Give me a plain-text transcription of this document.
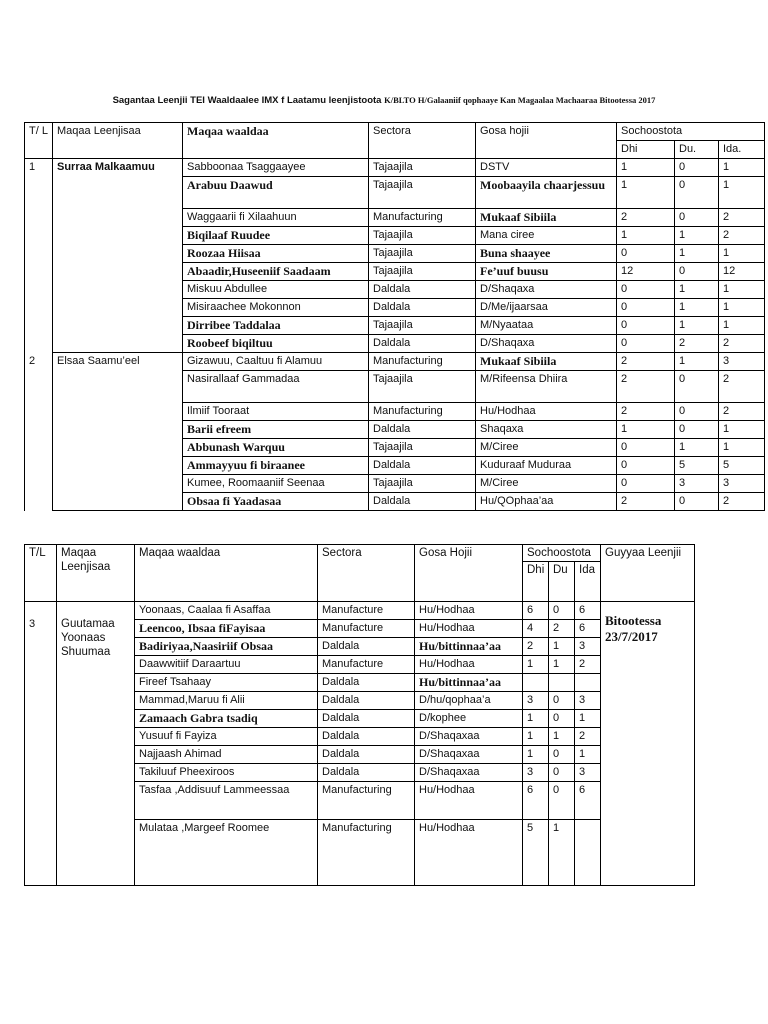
Sagantaa Leenjii TEI Waaldaalee IMX f Laatamu leenjistoota K/BLTO H/Galaaniif qophaaye Kan Magaalaa Machaaraa Bitootessa 2017
T/ L	Maqaa Leenjisaa	Maqaa waaldaa	Sectora	Gosa hojii	Sochoostota		
					Dhi	Du.	Ida.
1	Surraa Malkaamuu	Sabboonaa Tsaggaayee	Tajaajila	DSTV	1	0	1
		Arabuu Daawud	Tajaajila	Moobaayila chaarjessuu	1	0	1
		Waggaarii fi Xilaahuun	Manufacturing	Mukaaf Sibiila	2	0	2
		Biqilaaf Ruudee	Tajaajila	Mana ciree	1	1	2
		Roozaa Hiisaa	Tajaajila	Buna shaayee	0	1	1
		Abaadir,Huseeniif Saadaam	Tajaajila	Fe’uuf buusu	12	0	12
		Miskuu Abdullee	Daldala	D/Shaqaxa	0	1	1
		Misiraachee Mokonnon	Daldala	D/Me/ijaarsaa	0	1	1
		Dirribee Taddalaa	Tajaajila	M/Nyaataa	0	1	1
		Roobeef biqiltuu	Daldala	D/Shaqaxa	0	2	2
2	Elsaa Saamu’eel	Gizawuu, Caaltuu fi Alamuu	Manufacturing	Mukaaf Sibiila	2	1	3
		Nasirallaaf Gammadaa	Tajaajila	M/Rifeensa Dhiira	2	0	2
		Ilmiif Tooraat	Manufacturing	Hu/Hodhaa	2	0	2
		Barii efreem	Daldala	Shaqaxa	1	0	1
		Abbunash Warquu	Tajaajila	M/Ciree	0	1	1
		Ammayyuu fi biraanee	Daldala	Kuduraaf Muduraa	0	5	5
		Kumee, Roomaaniif Seenaa	Tajaajila	M/Ciree	0	3	3
		Obsaa fi Yaadasaa	Daldala	Hu/QOphaa’aa	2	0	2
T/L	Maqaa Leenjisaa	Maqaa waaldaa	Sectora	Gosa Hojii	Sochoostota			Guyyaa Leenjii
					Dhi	Du	Ida	

3	Guutamaa Yoonaas Shuumaa	Yoonaas, Caalaa fi Asaffaa	Manufacture	Hu/Hodhaa	6	0	6	Bitootessa
23/7/2017

		Leencoo, Ibsaa fiFayisaa	Manufacture	Hu/Hodhaa	4	2	6	
		Badiriyaa,Naasiriif Obsaa	Daldala	Hu/bittinnaa’aa	2	1	3	
		Daawwitiif Daraartuu	Manufacture	Hu/Hodhaa	1	1	2	
		Fireef Tsahaay	Daldala	Hu/bittinnaa’aa				
		Mammad,Maruu fi Alii	Daldala	D/hu/qophaa’a	3	0	3	
		Zamaach Gabra tsadiq	Daldala	D/kophee	1	0	1	
		Yusuuf fi Fayiza	Daldala	D/Shaqaxaa	1	1	2	
		Najjaash Ahimad	Daldala	D/Shaqaxaa	1	0	1	
		Takiluuf Pheexiroos	Daldala	D/Shaqaxaa	3	0	3	
		Tasfaa ,Addisuuf Lammeessaa	Manufacturing	Hu/Hodhaa	6	0	6	
		Mulataa ,Margeef Roomee	Manufacturing	Hu/Hodhaa	5	1		
